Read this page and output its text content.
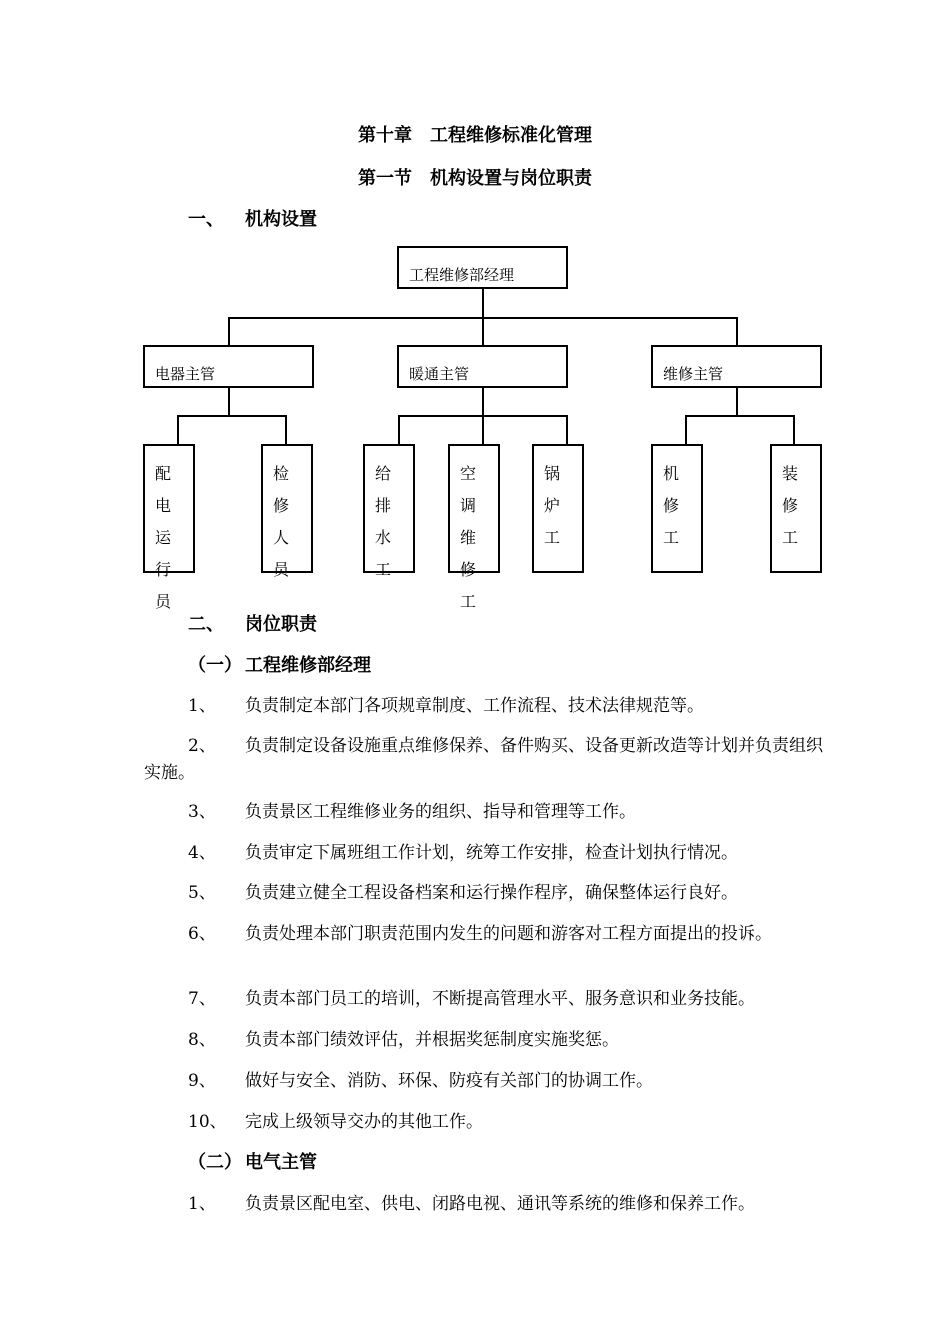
第十章　工程维修标准化管理
第一节　机构设置与岗位职责
一、 机构设置
工程维修部经理
电器主管	暖通主管	维修主管
配电运行员
检修人员
给排水工
空调维修工
锅炉工
机修工
装修工
二、 岗位职责
（一） 工程维修部经理
1、 负责制定本部门各项规章制度、工作流程、技术法律规范等。
2、 负责制定设备设施重点维修保养、备件购买、设备更新改造等计划并负责组织实施。
3、 负责景区工程维修业务的组织、指导和管理等工作。
4、 负责审定下属班组工作计划，统筹工作安排，检查计划执行情况。
5、 负责建立健全工程设备档案和运行操作程序，确保整体运行良好。
6、 负责处理本部门职责范围内发生的问题和游客对工程方面提出的投诉。
7、 负责本部门员工的培训，不断提高管理水平、服务意识和业务技能。
8、 负责本部门绩效评估，并根据奖惩制度实施奖惩。
9、 做好与安全、消防、环保、防疫有关部门的协调工作。
10、 完成上级领导交办的其他工作。
（二） 电气主管
1、 负责景区配电室、供电、闭路电视、通讯等系统的维修和保养工作。
